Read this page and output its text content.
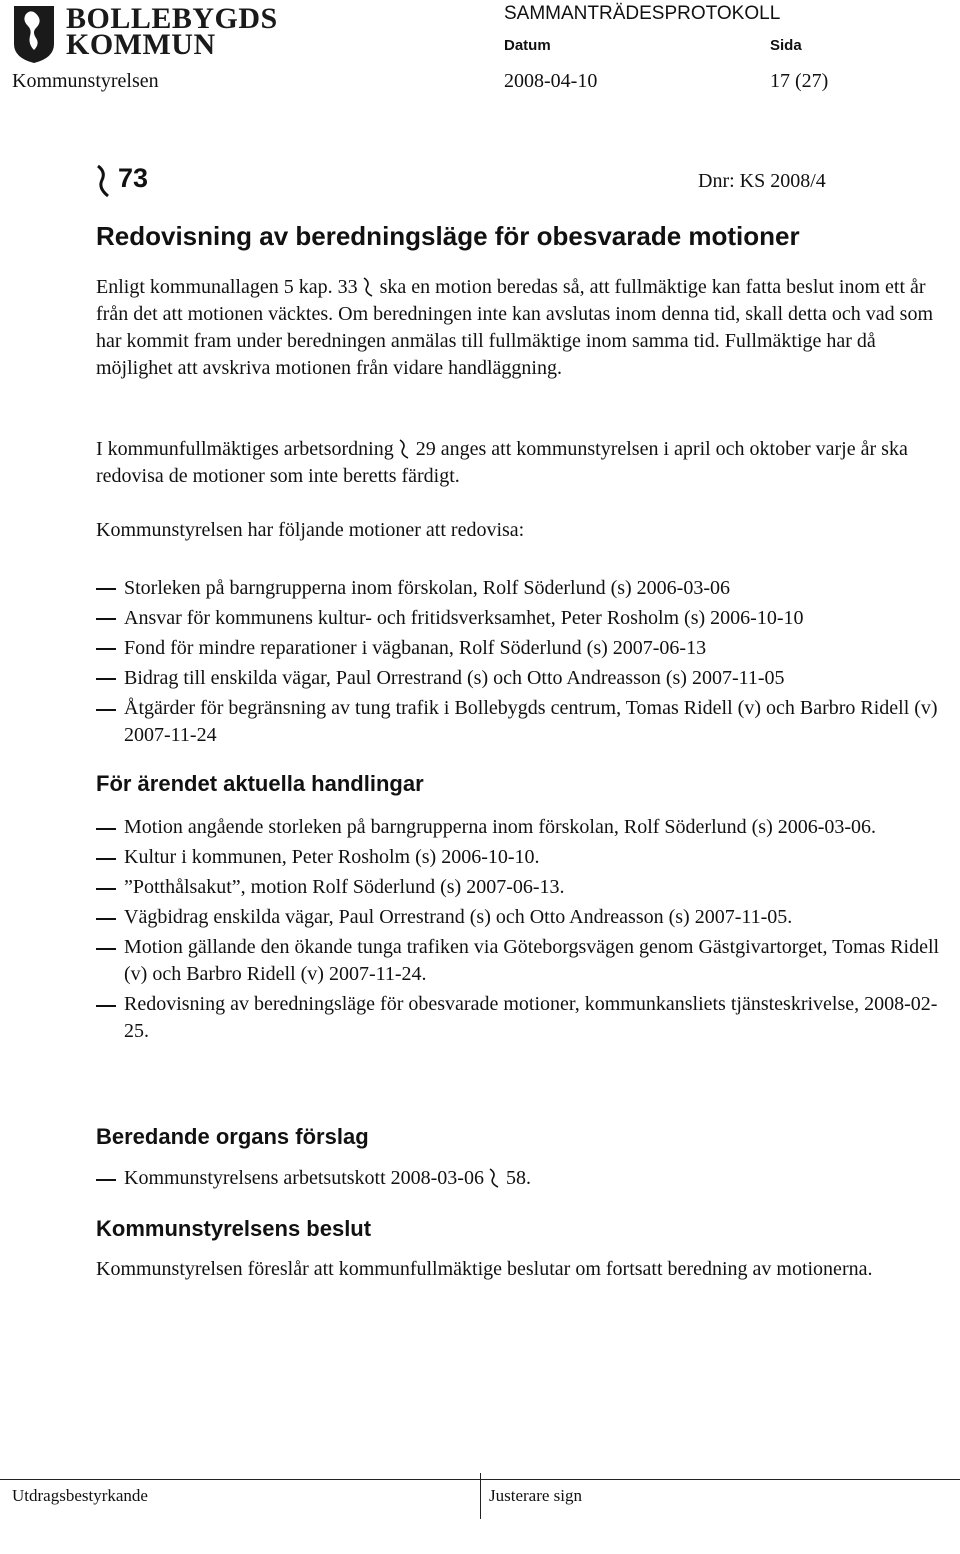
BOLLEBYGDS
KOMMUN
SAMMANTRÄDESPROTOKOLL
Datum	Sida
Kommunstyrelsen	2008-04-10	17 (27)
73	Dnr: KS 2008/4
Redovisning av beredningsläge för obesvarade motioner

Enligt kommunallagen 5 kap. 33 ska en motion beredas så, att fullmäktige kan fatta beslut inom ett år från det att motionen väcktes. Om beredningen inte kan avslutas inom denna tid, skall detta och vad som har kommit fram under beredningen anmälas till fullmäktige inom samma tid. Fullmäktige har då möjlighet att avskriva motionen från vidare handläggning.

I kommunfullmäktiges arbetsordning 29 anges att kommunstyrelsen i april och oktober varje år ska redovisa de motioner som inte beretts färdigt.

Kommunstyrelsen har följande motioner att redovisa:

Storleken på barngrupperna inom förskolan, Rolf Söderlund (s) 2006-03-06
Ansvar för kommunens kultur- och fritidsverksamhet, Peter Rosholm (s) 2006-10-10
Fond för mindre reparationer i vägbanan, Rolf Söderlund (s) 2007-06-13
Bidrag till enskilda vägar, Paul Orrestrand (s) och Otto Andreasson (s) 2007-11-05
Åtgärder för begränsning av tung trafik i Bollebygds centrum, Tomas Ridell (v) och Barbro Ridell (v) 2007-11-24
För ärendet aktuella handlingar
Motion angående storleken på barngrupperna inom förskolan, Rolf Söderlund (s) 2006-03-06.
Kultur i kommunen, Peter Rosholm (s) 2006-10-10.
”Potthålsakut”, motion Rolf Söderlund (s) 2007-06-13.
Vägbidrag enskilda vägar, Paul Orrestrand (s) och Otto Andreasson (s) 2007-11-05.
Motion gällande den ökande tunga trafiken via Göteborgsvägen genom Gästgivartorget, Tomas Ridell (v) och Barbro Ridell (v) 2007-11-24.
Redovisning av beredningsläge för obesvarade motioner, kommunkansliets tjänsteskrivelse, 2008-02-25.
Beredande organs förslag
Kommunstyrelsens arbetsutskott 2008-03-06 58.
Kommunstyrelsens beslut

Kommunstyrelsen föreslår att kommunfullmäktige beslutar om fortsatt beredning av motionerna.

Utdragsbestyrkande	Justerare sign
